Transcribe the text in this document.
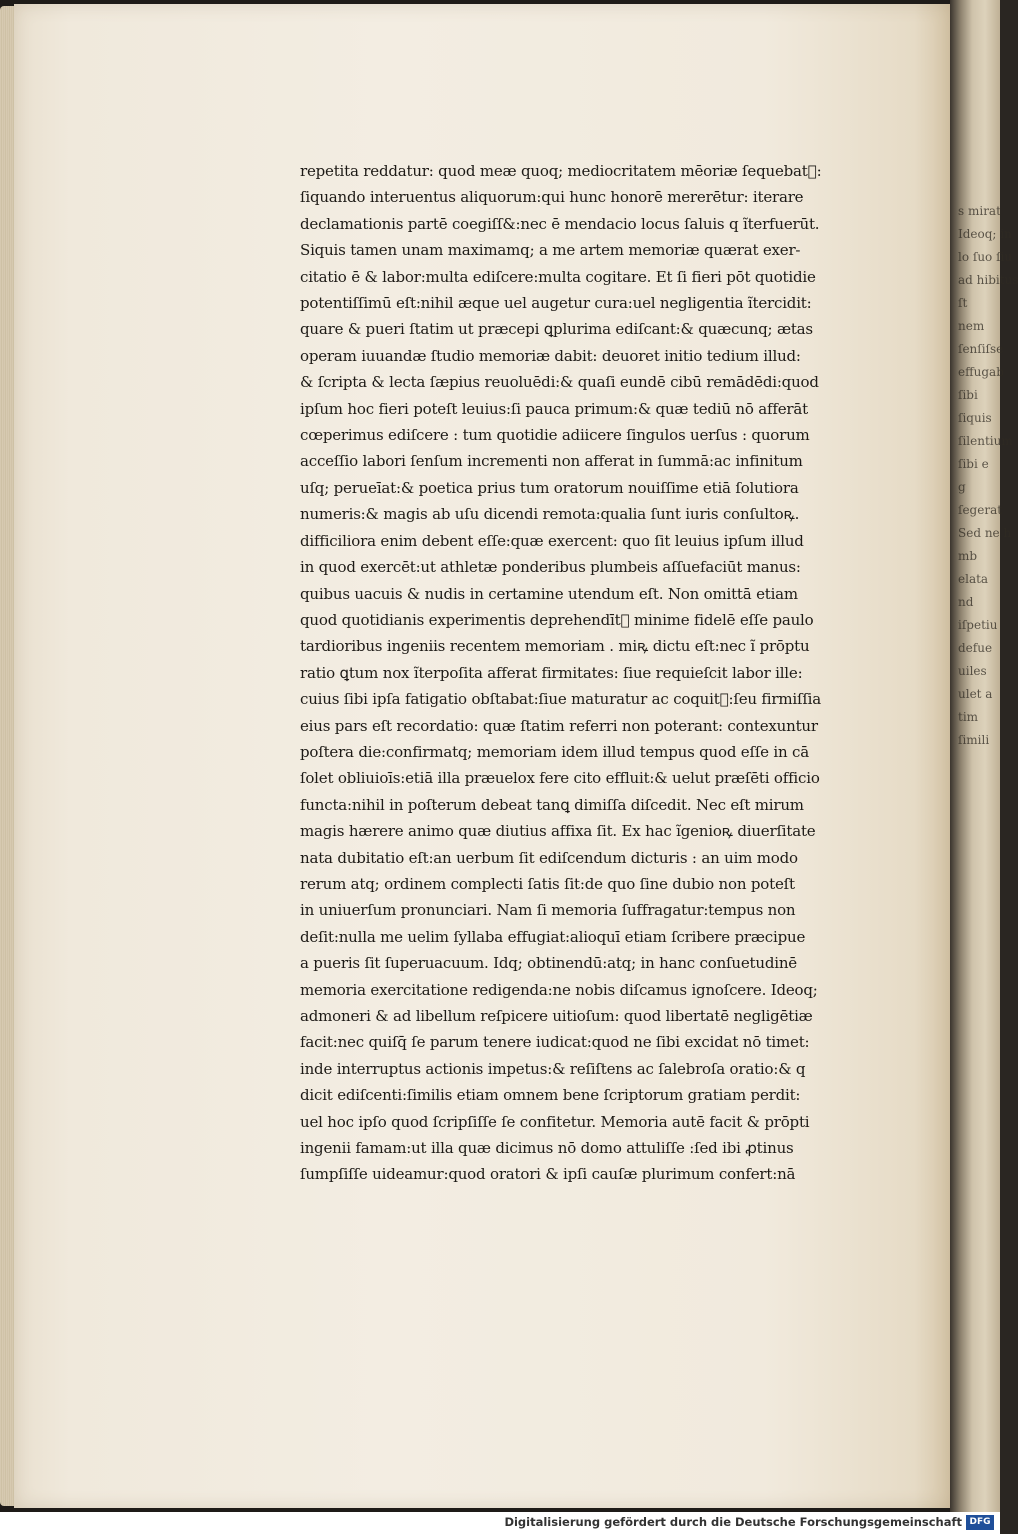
s mirat
Ideoq; in
lo ſuo ſiu
ad hibitus
ſt
nem
ſenſiſse
effugab
ſibi
ſiquis
ſilentium
ſibi e
g
ſegerat
Sed ne h
mb
elata
nd
iſpetiu
defue
uiles
ulet a
tim
ſimili
repetita reddatur: quod meæ quoq; mediocritatem mēoriæ ſequebatᷓ:
ſiquando interuentus aliquorum:qui hunc honorē mererētur: iterare
declamationis partē coegiſſ&:nec ē mendacio locus ſaluis q ĩterfuerūt.
Siquis tamen unam maximamq; a me artem memoriæ quærat exer-
citatio ē & labor:multa ediſcere:multa cogitare. Et ſi fieri pōt quotidie
potentiſſimū eſt:nihil æque uel augetur cura:uel negligentia ĩtercidit:
quare & pueri ſtatim ut præcepi ꝗplurima ediſcant:& quæcunq; ætas
operam iuuandæ ſtudio memoriæ dabit: deuoret initio tedium illud:
& ſcripta & lecta ſæpius reuoluēdi:& quaſi eundē cibū remādēdi:quod
ipſum hoc fieri poteſt leuius:ſi pauca primum:& quæ tediū nō afferāt
cœperimus ediſcere : tum quotidie adiicere ſingulos uerſus : quorum
acceſſio labori ſenſum incrementi non afferat in ſummā:ac infinitum
uſq; perueīat:& poetica prius tum oratorum nouiſſime etiā ſolutiora
numeris:& magis ab uſu dicendi remota:qualia ſunt iuris conſultoꝶ.
difficiliora enim debent eſſe:quæ exercent: quo ſit leuius ipſum illud
in quod exercēt:ut athletæ ponderibus plumbeis aſſuefaciūt manus:
quibus uacuis & nudis in certamine utendum eſt. Non omittā etiam
quod quotidianis experimentis deprehendītᷓ minime fidelē eſſe paulo
tardioribus ingeniis recentem memoriam . miꝶ dictu eſt:nec ĩ prōptu
ratio ꝗtum nox ĩterpoſita afferat firmitates: ſiue requieſcit labor ille:
cuius ſibi ipſa fatigatio obſtabat:ſiue maturatur ac coquitᷓ:ſeu firmiſſia
eius pars eſt recordatio: quæ ſtatim referri non poterant: contexuntur
poſtera die:confirmatq; memoriam idem illud tempus quod eſſe in cā
ſolet obliuioīs:etiā illa præuelox fere cito effluit:& uelut præſēti officio
functa:nihil in poſterum debeat tanꝗ dimiſſa diſcedit. Nec eſt mirum
magis hærere animo quæ diutius affixa ſit. Ex hac ĩgenioꝶ diuerſitate
nata dubitatio eſt:an uerbum ſit ediſcendum dicturis : an uim modo
rerum atq; ordinem complecti ſatis ſit:de quo ſine dubio non poteſt
in uniuerſum pronunciari. Nam ſi memoria ſuffragatur:tempus non
deſit:nulla me uelim ſyllaba effugiat:alioquī etiam ſcribere præcipue
a pueris ſit ſuperuacuum. Idq; obtinendū:atq; in hanc conſuetudinē
memoria exercitatione redigenda:ne nobis diſcamus ignoſcere. Ideoq;
admoneri & ad libellum reſpicere uitioſum: quod libertatē negligētiæ
facit:nec quiſq̄ ſe parum tenere iudicat:quod ne ſibi excidat nō timet:
inde interruptus actionis impetus:& reſiſtens ac ſalebroſa oratio:& q
dicit ediſcenti:ſimilis etiam omnem bene ſcriptorum gratiam perdit:
uel hoc ipſo quod ſcripſiſſe ſe confitetur. Memoria autē facit & prōpti
ingenii famam:ut illa quæ dicimus nō domo attuliſſe :ſed ibi ꝓtinus
ſumpſiſſe uideamur:quod oratori & ipſi cauſæ plurimum confert:nā
Digitalisierung gefördert durch die Deutsche Forschungsgemeinschaft DFG
